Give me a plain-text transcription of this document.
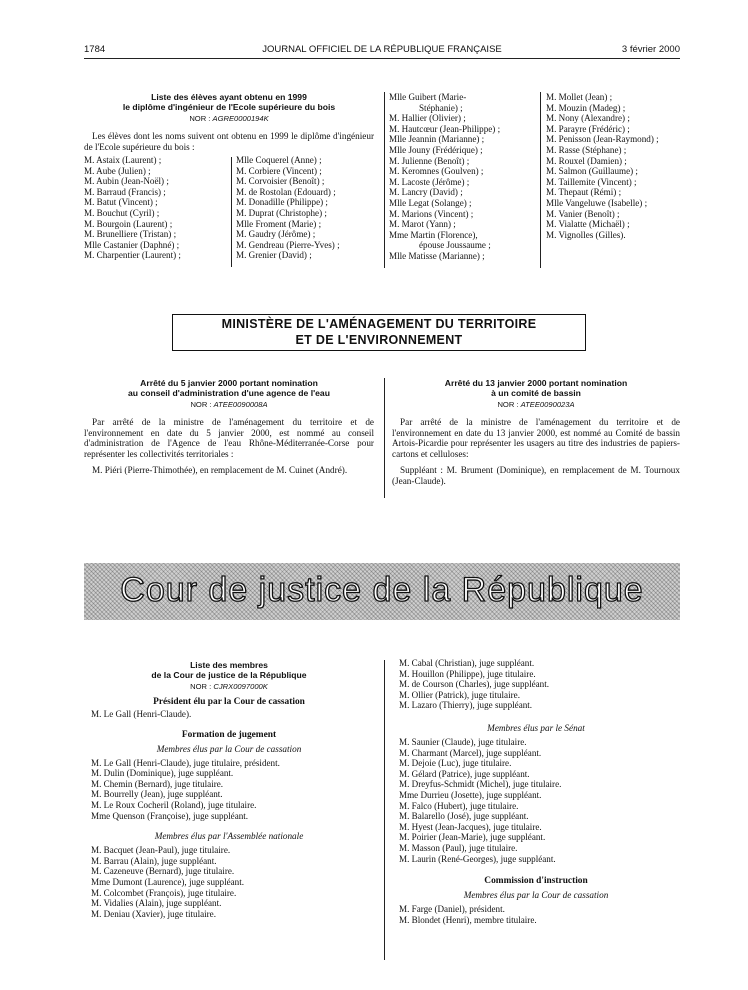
1784	JOURNAL OFFICIEL DE LA RÉPUBLIQUE FRANÇAISE	3 février 2000
Liste des élèves ayant obtenu en 1999
le diplôme d'ingénieur de l'Ecole supérieure du bois
NOR : AGRE0000194K

Les élèves dont les noms suivent ont obtenu en 1999 le diplôme d'ingénieur de l'Ecole supérieure du bois :

M. Astaix (Laurent) ;
M. Aube (Julien) ;
M. Aubin (Jean-Noël) ;
M. Barraud (Francis) ;
M. Batut (Vincent) ;
M. Bouchut (Cyril) ;
M. Bourgoin (Laurent) ;
M. Brunelliere (Tristan) ;
Mlle Castanier (Daphné) ;
M. Charpentier (Laurent) ;
Mlle Coquerel (Anne) ;
M. Corbiere (Vincent) ;
M. Corvoisier (Benoît) ;
M. de Rostolan (Edouard) ;
M. Donadille (Philippe) ;
M. Duprat (Christophe) ;
Mlle Froment (Marie) ;
M. Gaudry (Jérôme) ;
M. Gendreau (Pierre-Yves) ;
M. Grenier (David) ;
Mlle Guibert (Marie-
Stéphanie) ;
M. Hallier (Olivier) ;
M. Hautcœur (Jean-Philippe) ;
Mlle Jeannin (Marianne) ;
Mlle Jouny (Frédérique) ;
M. Julienne (Benoît) ;
M. Keromnes (Goulven) ;
M. Lacoste (Jérôme) ;
M. Lancry (David) ;
Mlle Legat (Solange) ;
M. Marions (Vincent) ;
M. Marot (Yann) ;
Mme Martin (Florence),
épouse Joussaume ;
Mlle Matisse (Marianne) ;
M. Mollet (Jean) ;
M. Mouzin (Madeg) ;
M. Nony (Alexandre) ;
M. Parayre (Frédéric) ;
M. Penisson (Jean-Raymond) ;
M. Rasse (Stéphane) ;
M. Rouxel (Damien) ;
M. Salmon (Guillaume) ;
M. Taillemite (Vincent) ;
M. Thepaut (Rémi) ;
Mlle Vangeluwe (Isabelle) ;
M. Vanier (Benoît) ;
M. Vialatte (Michaël) ;
M. Vignolles (Gilles).
MINISTÈRE DE L'AMÉNAGEMENT DU TERRITOIRE
ET DE L'ENVIRONNEMENT
Arrêté du 5 janvier 2000 portant nomination
au conseil d'administration d'une agence de l'eau
NOR : ATEE0090008A

Par arrêté de la ministre de l'aménagement du territoire et de l'environnement en date du 5 janvier 2000, est nommé au conseil d'administration de l'Agence de l'eau Rhône-Méditerranée-Corse pour représenter les collectivités territoriales :

M. Piéri (Pierre-Thimothée), en remplacement de M. Cuinet (André).

Arrêté du 13 janvier 2000 portant nomination
à un comité de bassin
NOR : ATEE0090023A

Par arrêté de la ministre de l'aménagement du territoire et de l'environnement en date du 13 janvier 2000, est nommé au Comité de bassin Artois-Picardie pour représenter les usagers au titre des industries de papiers-cartons et celluloses:

Suppléant : M. Brument (Dominique), en remplacement de M. Tournoux (Jean-Claude).

Cour de justice de la République
Liste des membres
de la Cour de justice de la République
NOR : CJRX0097000K

Président élu par la Cour de cassation

M. Le Gall (Henri-Claude).

Formation de jugement

Membres élus par la Cour de cassation

M. Le Gall (Henri-Claude), juge titulaire, président.
M. Dulin (Dominique), juge suppléant.
M. Chemin (Bernard), juge titulaire.
M. Bourrelly (Jean), juge suppléant.
M. Le Roux Cocheril (Roland), juge titulaire.
Mme Quenson (Françoise), juge suppléant.

Membres élus par l'Assemblée nationale

M. Bacquet (Jean-Paul), juge titulaire.
M. Barrau (Alain), juge suppléant.
M. Cazeneuve (Bernard), juge titulaire.
Mme Dumont (Laurence), juge suppléant.
M. Colcombet (François), juge titulaire.
M. Vidalies (Alain), juge suppléant.
M. Deniau (Xavier), juge titulaire.
M. Cabal (Christian), juge suppléant.
M. Houillon (Philippe), juge titulaire.
M. de Courson (Charles), juge suppléant.
M. Ollier (Patrick), juge titulaire.
M. Lazaro (Thierry), juge suppléant.

Membres élus par le Sénat

M. Saunier (Claude), juge titulaire.
M. Charmant (Marcel), juge suppléant.
M. Dejoie (Luc), juge titulaire.
M. Gélard (Patrice), juge suppléant.
M. Dreyfus-Schmidt (Michel), juge titulaire.
Mme Durrieu (Josette), juge suppléant.
M. Falco (Hubert), juge titulaire.
M. Balarello (José), juge suppléant.
M. Hyest (Jean-Jacques), juge titulaire.
M. Poirier (Jean-Marie), juge suppléant.
M. Masson (Paul), juge titulaire.
M. Laurin (René-Georges), juge suppléant.

Commission d'instruction

Membres élus par la Cour de cassation

M. Farge (Daniel), président.
M. Blondet (Henri), membre titulaire.
